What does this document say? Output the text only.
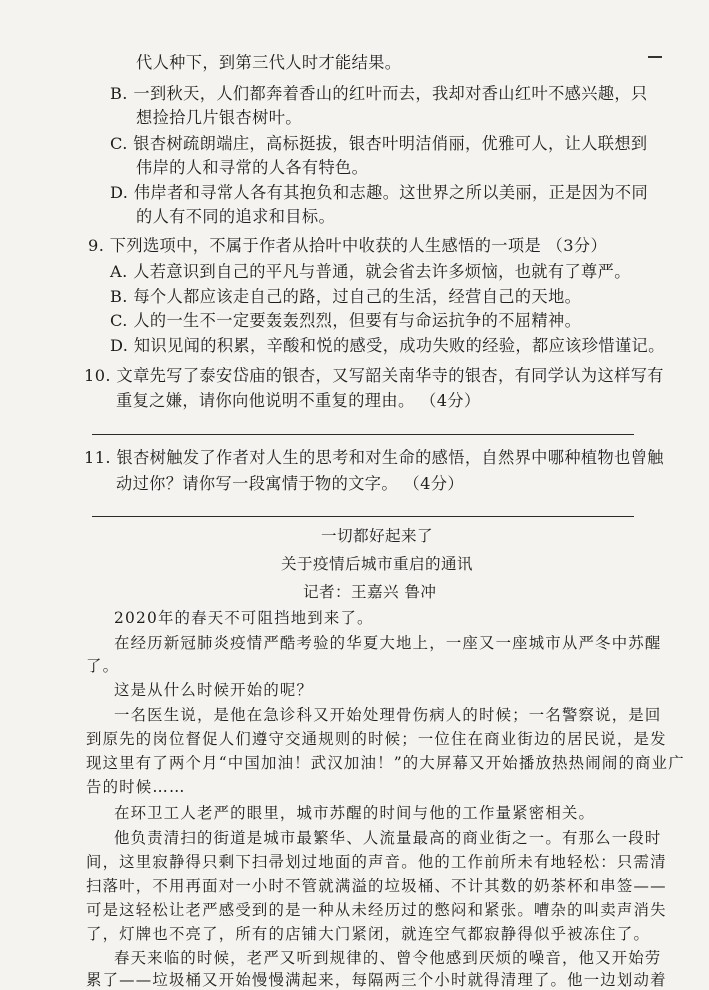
代人种下，到第三代人时才能结果。
B. 一到秋天，人们都奔着香山的红叶而去，我却对香山红叶不感兴趣，只
想捡拾几片银杏树叶。
C. 银杏树疏朗端庄，高标挺拔，银杏叶明洁俏丽，优雅可人，让人联想到
伟岸的人和寻常的人各有特色。
D. 伟岸者和寻常人各有其抱负和志趣。这世界之所以美丽，正是因为不同
的人有不同的追求和目标。
9. 下列选项中，不属于作者从拾叶中收获的人生感悟的一项是 （3分）
A. 人若意识到自己的平凡与普通，就会省去许多烦恼，也就有了尊严。
B. 每个人都应该走自己的路，过自己的生活，经营自己的天地。
C. 人的一生不一定要轰轰烈烈，但要有与命运抗争的不屈精神。
D. 知识见闻的积累，辛酸和悦的感受，成功失败的经验，都应该珍惜谨记。
10. 文章先写了泰安岱庙的银杏，又写韶关南华寺的银杏，有同学认为这样写有
重复之嫌，请你向他说明不重复的理由。 （4分）
11. 银杏树触发了作者对人生的思考和对生命的感悟，自然界中哪种植物也曾触
动过你？请你写一段寓情于物的文字。 （4分）
一切都好起来了
关于疫情后城市重启的通讯
记者：王嘉兴 鲁冲
2020年的春天不可阻挡地到来了。
在经历新冠肺炎疫情严酷考验的华夏大地上，一座又一座城市从严冬中苏醒
了。
这是从什么时候开始的呢？
一名医生说，是他在急诊科又开始处理骨伤病人的时候；一名警察说，是回
到原先的岗位督促人们遵守交通规则的时候；一位住在商业街边的居民说，是发
现这里有了两个月“中国加油！武汉加油！”的大屏幕又开始播放热热闹闹的商业广
告的时候……
在环卫工人老严的眼里，城市苏醒的时间与他的工作量紧密相关。
他负责清扫的街道是城市最繁华、人流量最高的商业街之一。有那么一段时
间，这里寂静得只剩下扫帚划过地面的声音。他的工作前所未有地轻松：只需清
扫落叶，不用再面对一小时不管就满溢的垃圾桶、不计其数的奶茶杯和串签——
可是这轻松让老严感受到的是一种从未经历过的憋闷和紧张。嘈杂的叫卖声消失
了，灯牌也不亮了，所有的店铺大门紧闭，就连空气都寂静得似乎被冻住了。
春天来临的时候，老严又听到规律的、曾令他感到厌烦的噪音，他又开始劳
累了——垃圾桶又开始慢慢满起来，每隔两三个小时就得清理了。他一边划动着
